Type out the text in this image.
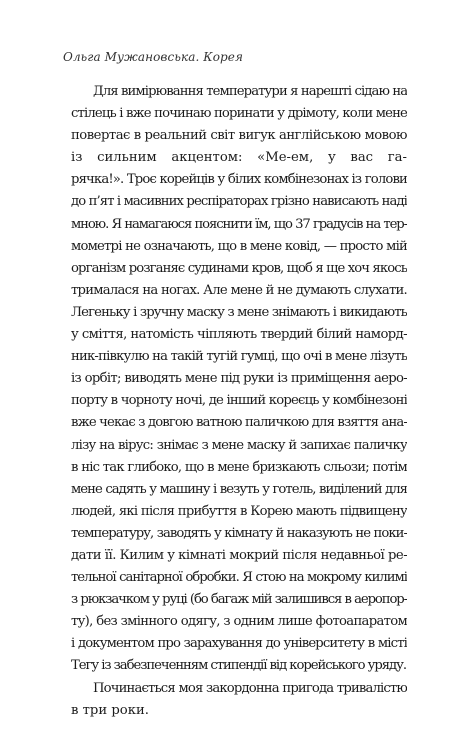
Ольга Мужановська. Корея
Для вимірювання температури я нарешті сідаю на
стілець і вже починаю поринати у дрімоту, коли мене
повертає в реальний світ вигук англійською мовою
із сильним акцентом: «Ме-ем, у вас га-
рячка!». Троє корейців у білих комбінезонах із голови
до п’ят і масивних респіраторах грізно нависають наді
мною. Я намагаюся пояснити їм, що 37 градусів на тер-
мометрі не означають, що в мене ковід, — просто мій
організм розганяє судинами кров, щоб я ще хоч якось
трималася на ногах. Але мене й не думають слухати.
Легеньку і зручну маску з мене знімають і викидають
у сміття, натомість чіпляють твердий білий наморд-
ник-півкулю на такій тугій гумці, що очі в мене лізуть
із орбіт; виводять мене під руки із приміщення аеро-
порту в чорноту ночі, де інший кореєць у комбінезоні
вже чекає з довгою ватною паличкою для взяття ана-
лізу на вірус: знімає з мене маску й запихає паличку
в ніс так глибоко, що в мене бризкають сльози; потім
мене садять у машину і везуть у готель, виділений для
людей, які після прибуття в Корею мають підвищену
температуру, заводять у кімнату й наказують не поки-
дати її. Килим у кімнаті мокрий після недавньої ре-
тельної санітарної обробки. Я стою на мокрому килимі
з рюкзачком у руці (бо багаж мій залишився в аеропор-
ту), без змінного одягу, з одним лише фотоапаратом
і документом про зарахування до університету в місті
Тегу із забезпеченням стипендії від корейського уряду.
Починається моя закордонна пригода тривалістю
в три роки.
